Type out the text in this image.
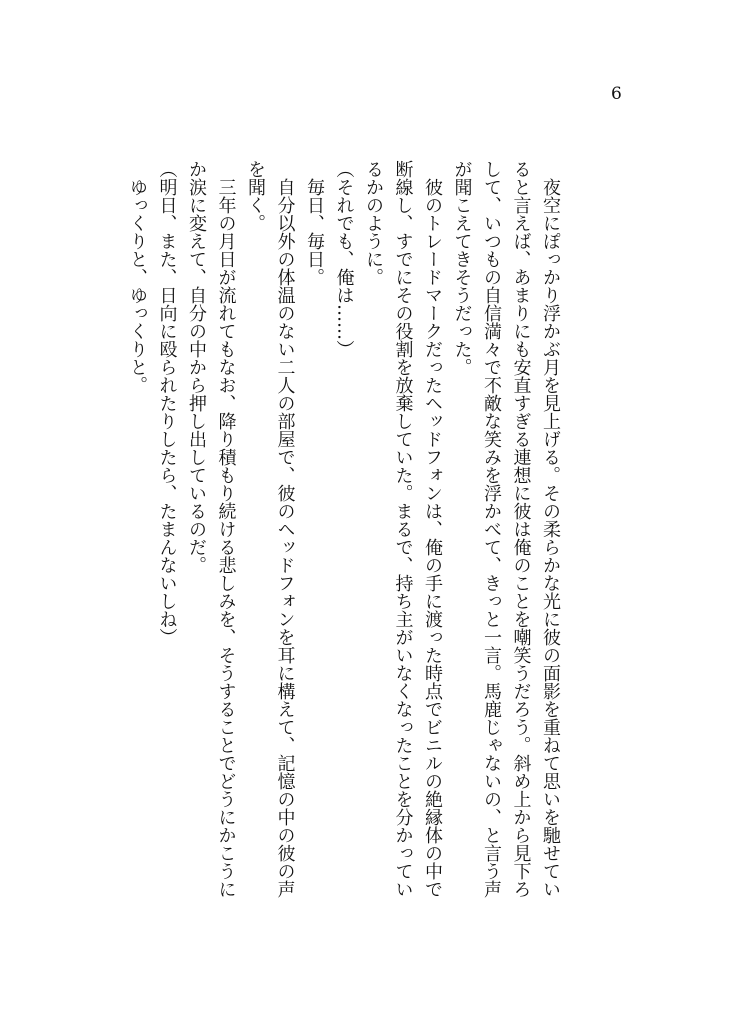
6
　夜空にぽっかり浮かぶ月を見上げる。その柔らかな光に彼の面影を重ねて思いを馳せてい
ると言えば、あまりにも安直すぎる連想に彼は俺のことを嘲笑うだろう。斜め上から見下ろ
して、いつもの自信満々で不敵な笑みを浮かべて、きっと一言。馬鹿じゃないの、と言う声
が聞こえてきそうだった。
　彼のトレードマークだったヘッドフォンは、俺の手に渡った時点でビニルの絶縁体の中で
断線し、すでにその役割を放棄していた。まるで、持ち主がいなくなったことを分かってい
るかのように。
（それでも、俺は……）
　毎日、毎日。
　自分以外の体温のない二人の部屋で、彼のヘッドフォンを耳に構えて、記憶の中の彼の声
を聞く。
　三年の月日が流れてもなお、降り積もり続ける悲しみを、そうすることでどうにかこうに
か涙に変えて、自分の中から押し出しているのだ。
（明日、また、日向に殴られたりしたら、たまんないしね）
　ゆっくりと、ゆっくりと。
